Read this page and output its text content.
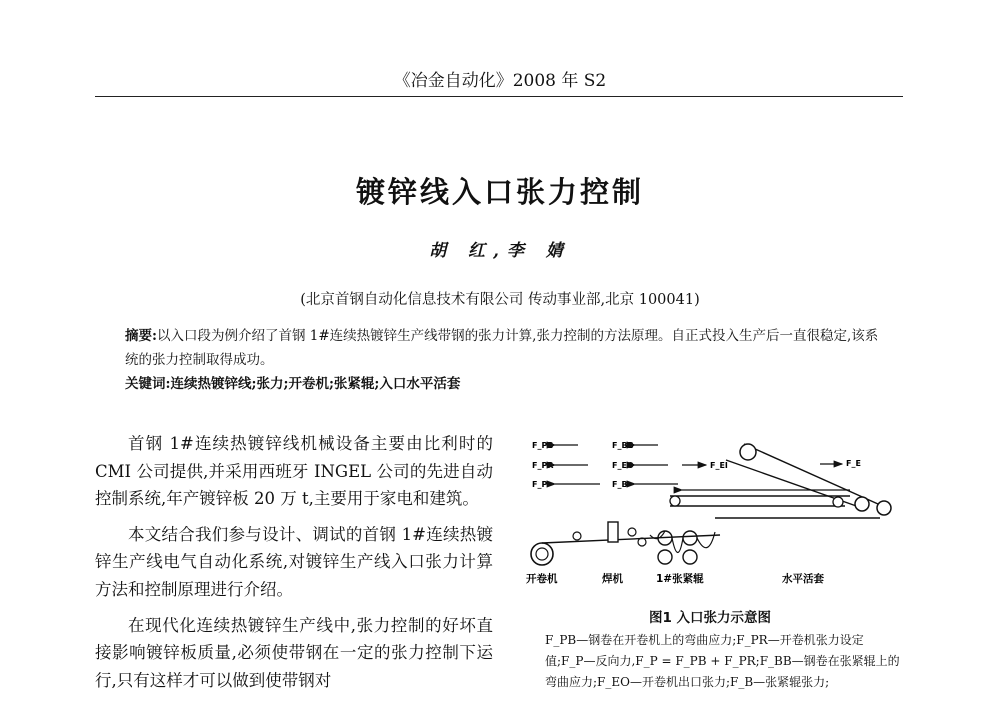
《冶金自动化》2008 年 S2
镀锌线入口张力控制
胡 红,李 婧
(北京首钢自动化信息技术有限公司 传动事业部,北京 100041)
摘要:以入口段为例介绍了首钢 1#连续热镀锌生产线带钢的张力计算,张力控制的方法原理。自正式投入生产后一直很稳定,该系统的张力控制取得成功。
关键词:连续热镀锌线;张力;开卷机;张紧辊;入口水平活套

首钢 1#连续热镀锌线机械设备主要由比利时的 CMI 公司提供,并采用西班牙 INGEL 公司的先进自动控制系统,年产镀锌板 20 万 t,主要用于家电和建筑。

本文结合我们参与设计、调试的首钢 1#连续热镀锌生产线电气自动化系统,对镀锌生产线入口张力计算方法和控制原理进行介绍。

在现代化连续热镀锌生产线中,张力控制的好坏直接影响镀锌板质量,必须使带钢在一定的张力控制下运行,只有这样才可以做到使带钢对

F_PB
F_PR
F_P
F_BB
F_EO
F_B
F_EI	F_E
开卷机	焊机	1#张紧辊	水平活套
图1 入口张力示意图
F_PB—钢卷在开卷机上的弯曲应力;F_PR—开卷机张力设定值;F_P—反向力,F_P = F_PB + F_PR;F_BB—钢卷在张紧辊上的弯曲应力;F_EO—开卷机出口张力;F_B—张紧辊张力;
